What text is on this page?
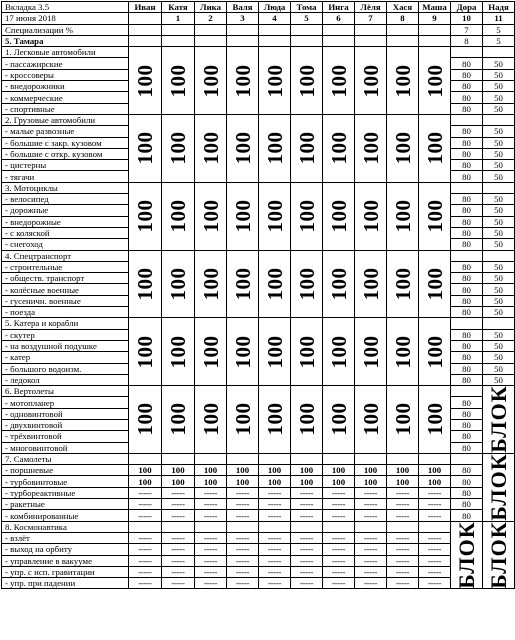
Вкладка 3.5	Иван	Катя	Лика	Валя	Люда	Тома	Инга	Лёля	Хася	Маша	Дора	Надя
17 июня 2018		1	2	3	4	5	6	7	8	9	10	11
Специализации %											7	5
5. Тамара											8	5
1. Легковые автомобили	100	100	100	100	100	100	100	100	100	100		

- пассажирские											80	50
- кроссоверы											80	50
- внедорожники											80	50
- коммерческие											80	50
- спортивные											80	50
2. Грузовые автомобили	100	100	100	100	100	100	100	100	100	100		

- малые развозные											80	50
- большие с закр. кузовом											80	50
- большие с откр. кузовом											80	50
- цистерны											80	50
- тягачи											80	50
3. Мотоциклы	100	100	100	100	100	100	100	100	100	100		

- велосипед											80	50
- дорожные											80	50
- внедорожные											80	50
- с коляской											80	50
- снегоход											80	50
4. Спецтранспорт	100	100	100	100	100	100	100	100	100	100		

- строительные											80	50
- обществ. транспорт											80	50
- колёсные военные											80	50
- гусеничн. военные											80	50
- поезда											80	50
5. Катера и корабли	100	100	100	100	100	100	100	100	100	100		

- скутер											80	50
- на воздушной подушке											80	50
- катер											80	50
- большого водоизм.											80	50
- ледокол											80	50
6. Вертолеты	100	100	100	100	100	100	100	100	100	100		БЛОК

- мотопланер											80	
- одновинтовой											80	
- двухвинтовой											80	
- трёхвинтовой											80	
- многовинтовой											80	
7. Самолеты												БЛОК

- поршневые	100	100	100	100	100	100	100	100	100	100	80	
- турбовинтовые	100	100	100	100	100	100	100	100	100	100	80	
- турбореактивные	-----	-----	-----	-----	-----	-----	-----	-----	-----	-----	80	
- ракетные	-----	-----	-----	-----	-----	-----	-----	-----	-----	-----	80	
- комбинированные	-----	-----	-----	-----	-----	-----	-----	-----	-----	-----	80	
8. Космонавтика											БЛОК	БЛОК

- взлёт	-----	-----	-----	-----	-----	-----	-----	-----	-----	-----		
- выход на орбиту	-----	-----	-----	-----	-----	-----	-----	-----	-----	-----		
- управление в вакууме	-----	-----	-----	-----	-----	-----	-----	-----	-----	-----		
- упр. с исп. гравитации	-----	-----	-----	-----	-----	-----	-----	-----	-----	-----		
- упр. при падении	-----	-----	-----	-----	-----	-----	-----	-----	-----	-----		
